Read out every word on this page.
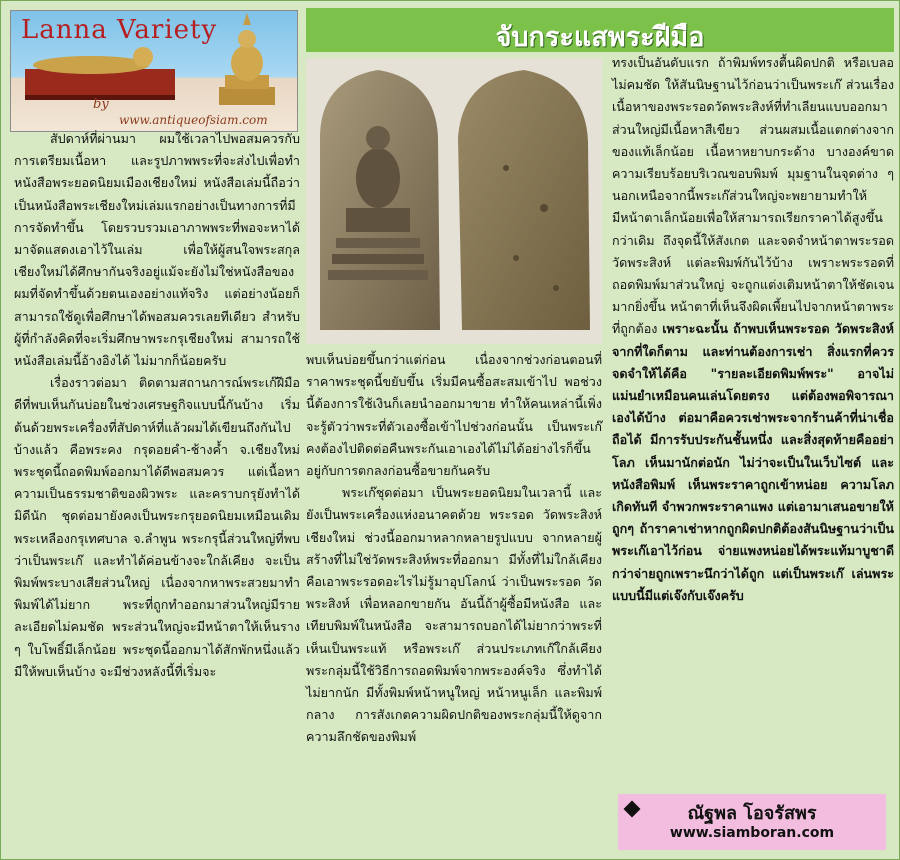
Lanna Variety
by
www.antiqueofsiam.com
จับกระแสพระฝีมือ

สัปดาห์ที่ผ่านมา ผมใช้เวลาไปพอสมควรกับการเตรียมเนื้อหา และรูปภาพพระที่จะส่งไปเพื่อทำหนังสือพระยอดนิยมเมืองเชียงใหม่ หนังสือเล่มนี้ถือว่าเป็นหนังสือพระเชียงใหม่เล่มแรกอย่างเป็นทางการที่มีการจัดทำขึ้น โดยรวบรวมเอาภาพพระที่พอจะหาได้มาจัดแสดงเอาไว้ในเล่ม เพื่อให้ผู้สนใจพระสกุลเชียงใหม่ได้ศึกษากันจริงอยู่แม้จะยังไม่ใช่หนังสือของผมที่จัดทำขึ้นด้วยตนเองอย่างแท้จริง แต่อย่างน้อยก็สามารถใช้ดูเพื่อศึกษาได้พอสมควรเลยทีเดียว สำหรับผู้ที่กำลังคิดที่จะเริ่มศึกษาพระกรุเชียงใหม่ สามารถใช้หนังสือเล่มนี้อ้างอิงได้ ไม่มากก็น้อยครับ

เรื่องราวต่อมา ติดตามสถานการณ์พระเก๊ฝีมือดีที่พบเห็นกันบ่อยในช่วงเศรษฐกิจแบบนี้กันบ้าง เริ่มต้นด้วยพระเครื่องที่สัปดาห์ที่แล้วผมได้เขียนถึงกันไปบ้างแล้ว คือพระคง กรุดอยคำ-ช้างค้ำ จ.เชียงใหม่ พระชุดนี้ถอดพิมพ์ออกมาได้ดีพอสมควร แต่เนื้อหา ความเป็นธรรมชาติของผิวพระ และคราบกรุยังทำได้มิดีนัก ชุดต่อมายังคงเป็นพระกรุยอดนิยมเหมือนเดิม พระเหลืองกรุเทศบาล จ.ลำพูน พระกรุนี้ส่วนใหญ่ที่พบว่าเป็นพระเก๊ และทำได้ค่อนข้างจะใกล้เคียง จะเป็นพิมพ์พระบางเสียส่วนใหญ่ เนื่องจากหาพระสวยมาทำพิมพ์ได้ไม่ยาก พระที่ถูกทำออกมาส่วนใหญ่มีรายละเอียดไม่คมชัด พระส่วนใหญ่จะมีหน้าตาให้เห็นราง ๆ ใบโพธิ์มีเล็กน้อย พระชุดนี้ออกมาได้สักพักหนึ่งแล้ว มีให้พบเห็นบ้าง จะมีช่วงหลังนี้ที่เริ่มจะ

พบเห็นบ่อยขึ้นกว่าแต่ก่อน เนื่องจากช่วงก่อนตอนที่ราคาพระชุดนี้ขยับขึ้น เริ่มมีคนซื้อสะสมเข้าไป พอช่วงนี้ต้องการใช้เงินก็เลยนำออกมาขาย ทำให้คนเหล่านี้เพิ่งจะรู้ตัวว่าพระที่ตัวเองซื้อเข้าไปช่วงก่อนนั้น เป็นพระเก๊ คงต้องไปติดต่อคืนพระกันเอาเองได้ไม่ได้อย่างไรก็ขึ้นอยู่กับการตกลงก่อนซื้อขายกันครับ

พระเก๊ชุดต่อมา เป็นพระยอดนิยมในเวลานี้ และยังเป็นพระเครื่องแห่งอนาคตด้วย พระรอด วัดพระสิงห์ เชียงใหม่ ช่วงนี้ออกมาหลากหลายรูปแบบ จากหลายผู้สร้างที่ไม่ใช่วัดพระสิงห์พระที่ออกมา มีทั้งที่ไม่ใกล้เคียง คือเอาพระรอดอะไรไม่รู้มาอุปโลกน์ ว่าเป็นพระรอด วัดพระสิงห์ เพื่อหลอกขายกัน อันนี้ถ้าผู้ซื้อมีหนังสือ และเทียบพิมพ์ในหนังสือ จะสามารถบอกได้ไม่ยากว่าพระที่เห็นเป็นพระแท้ หรือพระเก๊ ส่วนประเภทเก๊ใกล้เคียง พระกลุ่มนี้ใช้วิธีการถอดพิมพ์จากพระองค์จริง ซึ่งทำได้ไม่ยากนัก มีทั้งพิมพ์หน้าหนูใหญ่ หน้าหนูเล็ก และพิมพ์กลาง การสังเกตความผิดปกติของพระกลุ่มนี้ให้ดูจากความลึกชัดของพิมพ์

ทรงเป็นอันดับแรก ถ้าพิมพ์ทรงตื้นผิดปกติ หรือเบลอ ไม่คมชัด ให้สันนิษฐานไว้ก่อนว่าเป็นพระเก๊ ส่วนเรื่องเนื้อหาของพระรอดวัดพระสิงห์ที่ทำเลียนแบบออกมาส่วนใหญ่มีเนื้อหาสีเขียว ส่วนผสมเนื้อแตกต่างจากของแท้เล็กน้อย เนื้อหาหยาบกระด้าง บางองค์ขาดความเรียบร้อยบริเวณขอบพิมพ์ มุมฐานในจุดต่าง ๆ นอกเหนือจากนี้พระเก๊ส่วนใหญ่จะพยายามทำให้มีหน้าตาเล็กน้อยเพื่อให้สามารถเรียกราคาได้สูงขึ้นกว่าเดิม ถึงจุดนี้ให้สังเกต และจดจำหน้าตาพระรอด วัดพระสิงห์ แต่ละพิมพ์กันไว้บ้าง เพราะพระรอดที่ถอดพิมพ์มาส่วนใหญ่ จะถูกแต่งเติมหน้าตาให้ชัดเจนมากยิ่งขึ้น หน้าตาที่เห็นจึงผิดเพี้ยนไปจากหน้าตาพระที่ถูกต้อง เพราะฉะนั้น ถ้าพบเห็นพระรอด วัดพระสิงห์ จากที่ใดก็ตาม และท่านต้องการเช่า สิ่งแรกที่ควรจดจำให้ได้คือ "รายละเอียดพิมพ์พระ" อาจไม่แม่นยำเหมือนคนเล่นโดยตรง แต่ต้องพอพิจารณาเองได้บ้าง ต่อมาคือควรเช่าพระจากร้านค้าที่น่าเชื่อถือได้ มีการรับประกันชั้นหนึ่ง และสิ่งสุดท้ายคืออย่าโลภ เห็นมานักต่อนัก ไม่ว่าจะเป็นในเว็บไซต์ และหนังสือพิมพ์ เห็นพระราคาถูกเข้าหน่อย ความโลภเกิดทันที จำพวกพระราคาแพง แต่เอามาเสนอขายให้ถูกๆ ถ้าราคาเช่าหากถูกผิดปกติต้องสันนิษฐานว่าเป็นพระเก๊เอาไว้ก่อน จ่ายแพงหน่อยได้พระแท้มาบูชาดีกว่าจ่ายถูกเพราะนึกว่าได้ถูก แต่เป็นพระเก๊ เล่นพระแบบนี้มีแต่เจ๊งกับเจ๊งครับ

ณัฐพล โอจรัสพร
www.siamboran.com
